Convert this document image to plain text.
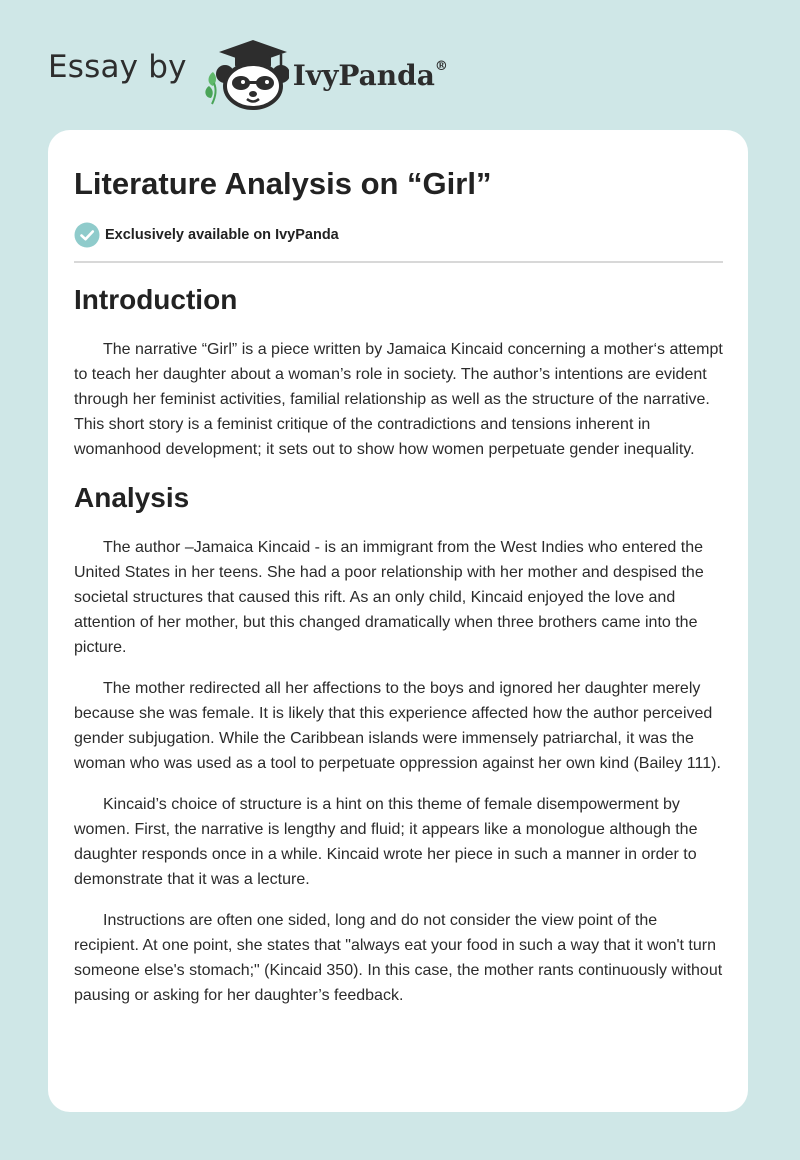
Essay by	IvyPanda®
Literature Analysis on “Girl”
Exclusively available on IvyPanda
Introduction

The narrative “Girl” is a piece written by Jamaica Kincaid concerning a mother‘s attempt to teach her daughter about a woman’s role in society. The author’s intentions are evident through her feminist activities, familial relationship as well as the structure of the narrative. This short story is a feminist critique of the contradictions and tensions inherent in womanhood development; it sets out to show how women perpetuate gender inequality.

Analysis

The author –Jamaica Kincaid - is an immigrant from the West Indies who entered the United States in her teens. She had a poor relationship with her mother and despised the societal structures that caused this rift. As an only child, Kincaid enjoyed the love and attention of her mother, but this changed dramatically when three brothers came into the picture.

The mother redirected all her affections to the boys and ignored her daughter merely because she was female. It is likely that this experience affected how the author perceived gender subjugation. While the Caribbean islands were immensely patriarchal, it was the woman who was used as a tool to perpetuate oppression against her own kind (Bailey 111).

Kincaid’s choice of structure is a hint on this theme of female disempowerment by women. First, the narrative is lengthy and fluid; it appears like a monologue although the daughter responds once in a while. Kincaid wrote her piece in such a manner in order to demonstrate that it was a lecture.

Instructions are often one sided, long and do not consider the view point of the recipient. At one point, she states that "always eat your food in such a way that it won't turn someone else's stomach;" (Kincaid 350). In this case, the mother rants continuously without pausing or asking for her daughter’s feedback.
